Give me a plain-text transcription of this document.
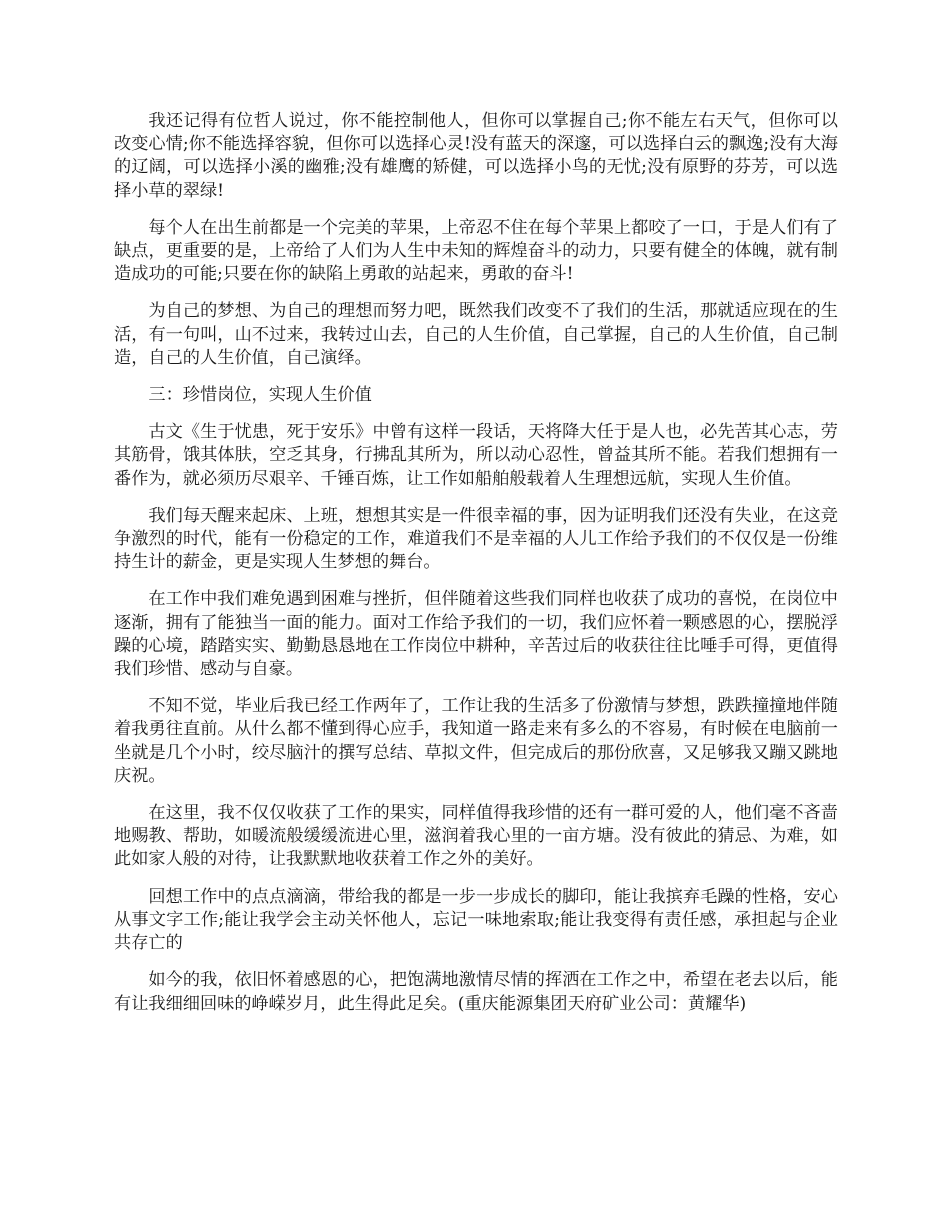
我还记得有位哲人说过，你不能控制他人，但你可以掌握自己;你不能左右天气，但你可以改变心情;你不能选择容貌，但你可以选择心灵!没有蓝天的深邃，可以选择白云的飘逸;没有大海的辽阔，可以选择小溪的幽雅;没有雄鹰的矫健，可以选择小鸟的无忧;没有原野的芬芳，可以选择小草的翠绿!

每个人在出生前都是一个完美的苹果，上帝忍不住在每个苹果上都咬了一口，于是人们有了缺点，更重要的是，上帝给了人们为人生中未知的辉煌奋斗的动力，只要有健全的体魄，就有制造成功的可能;只要在你的缺陷上勇敢的站起来，勇敢的奋斗!

为自己的梦想、为自己的理想而努力吧，既然我们改变不了我们的生活，那就适应现在的生活，有一句叫，山不过来，我转过山去，自己的人生价值，自己掌握，自己的人生价值，自己制造，自己的人生价值，自己演绎。

三：珍惜岗位，实现人生价值

古文《生于忧患，死于安乐》中曾有这样一段话，天将降大任于是人也，必先苦其心志，劳其筋骨，饿其体肤，空乏其身，行拂乱其所为，所以动心忍性，曾益其所不能。若我们想拥有一番作为，就必须历尽艰辛、千锤百炼，让工作如船舶般载着人生理想远航，实现人生价值。

我们每天醒来起床、上班，想想其实是一件很幸福的事，因为证明我们还没有失业，在这竞争激烈的时代，能有一份稳定的工作，难道我们不是幸福的人儿工作给予我们的不仅仅是一份维持生计的薪金，更是实现人生梦想的舞台。

在工作中我们难免遇到困难与挫折，但伴随着这些我们同样也收获了成功的喜悦，在岗位中逐渐，拥有了能独当一面的能力。面对工作给予我们的一切，我们应怀着一颗感恩的心，摆脱浮躁的心境，踏踏实实、勤勤恳恳地在工作岗位中耕种，辛苦过后的收获往往比唾手可得，更值得我们珍惜、感动与自豪。

不知不觉，毕业后我已经工作两年了，工作让我的生活多了份激情与梦想，跌跌撞撞地伴随着我勇往直前。从什么都不懂到得心应手，我知道一路走来有多么的不容易，有时候在电脑前一坐就是几个小时，绞尽脑汁的撰写总结、草拟文件，但完成后的那份欣喜，又足够我又蹦又跳地庆祝。

在这里，我不仅仅收获了工作的果实，同样值得我珍惜的还有一群可爱的人，他们毫不吝啬地赐教、帮助，如暖流般缓缓流进心里，滋润着我心里的一亩方塘。没有彼此的猜忌、为难，如此如家人般的对待，让我默默地收获着工作之外的美好。

回想工作中的点点滴滴，带给我的都是一步一步成长的脚印，能让我摈弃毛躁的性格，安心从事文字工作;能让我学会主动关怀他人，忘记一味地索取;能让我变得有责任感，承担起与企业共存亡的

如今的我，依旧怀着感恩的心，把饱满地激情尽情的挥洒在工作之中，希望在老去以后，能有让我细细回味的峥嵘岁月，此生得此足矣。(重庆能源集团天府矿业公司：黄耀华)
